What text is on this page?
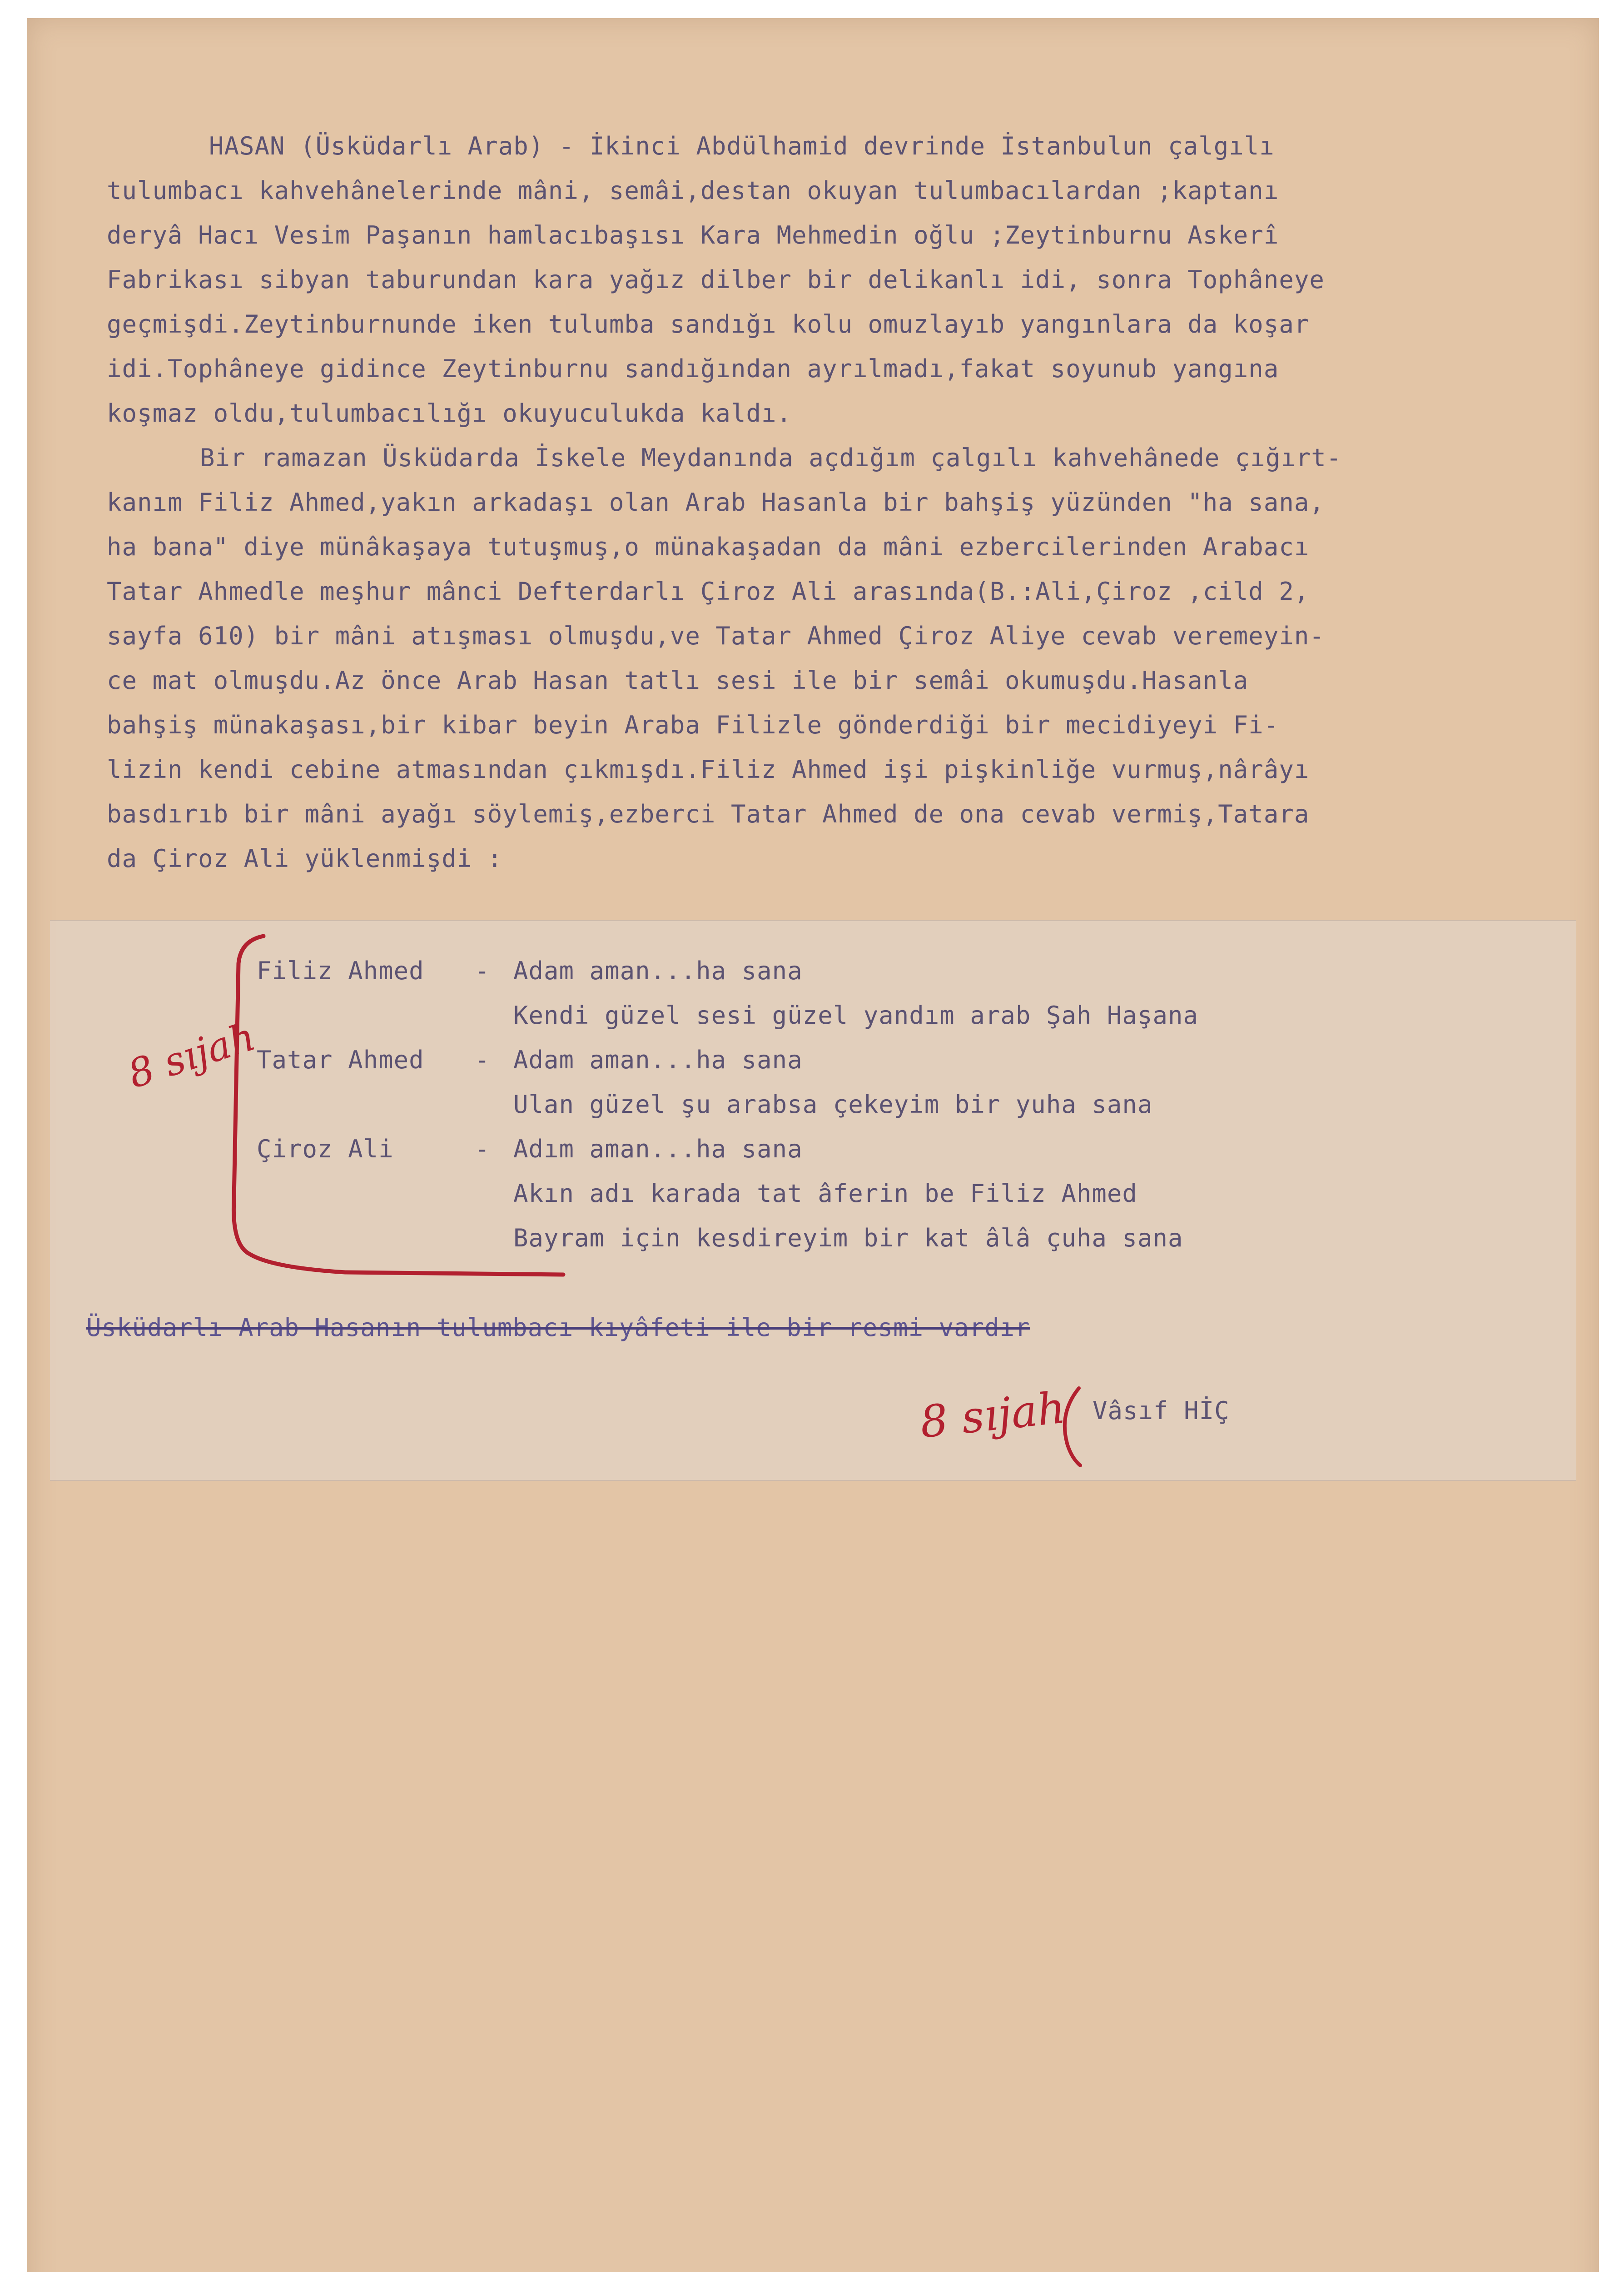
HASAN (Üsküdarlı Arab) - İkinci Abdülhamid devrinde İstanbulun çalgılı
tulumbacı kahvehânelerinde mâni, semâi,destan okuyan tulumbacılardan ;kaptanı
deryâ Hacı Vesim Paşanın hamlacıbaşısı Kara Mehmedin oğlu ;Zeytinburnu Askerî
Fabrikası sibyan taburundan kara yağız dilber bir delikanlı idi, sonra Tophâneye
geçmişdi.Zeytinburnunde iken tulumba sandığı kolu omuzlayıb yangınlara da koşar
idi.Tophâneye gidince Zeytinburnu sandığından ayrılmadı,fakat soyunub yangına
koşmaz oldu,tulumbacılığı okuyuculukda kaldı.
Bir ramazan Üsküdarda İskele Meydanında açdığım çalgılı kahvehânede çığırt-
kanım Filiz Ahmed,yakın arkadaşı olan Arab Hasanla bir bahşiş yüzünden "ha sana,
ha bana" diye münâkaşaya tutuşmuş,o münakaşadan da mâni ezbercilerinden Arabacı
Tatar Ahmedle meşhur mânci Defterdarlı Çiroz Ali arasında(B.:Ali,Çiroz ,cild 2,
sayfa 610) bir mâni atışması olmuşdu,ve Tatar Ahmed Çiroz Aliye cevab veremeyin-
ce mat olmuşdu.Az önce Arab Hasan tatlı sesi ile bir semâi okumuşdu.Hasanla
bahşiş münakaşası,bir kibar beyin Araba Filizle gönderdiği bir mecidiyeyi Fi-
lizin kendi cebine atmasından çıkmışdı.Filiz Ahmed işi pişkinliğe vurmuş,nârâyı
basdırıb bir mâni ayağı söylemiş,ezberci Tatar Ahmed de ona cevab vermiş,Tatara
da Çiroz Ali yüklenmişdi :
Filiz Ahmed - Adam aman...ha sana
Kendi güzel sesi güzel yandım arab Şah Haşana
Tatar Ahmed - Adam aman...ha sana
Ulan güzel şu arabsa çekeyim bir yuha sana
Çiroz Ali	- Adım aman...ha sana
Akın adı karada tat âferin be Filiz Ahmed
Bayram için kesdireyim bir kat âlâ çuha sana
Üsküdarlı Arab Hasanın tulumbacı kıyâfeti ile bir resmi vardır
Vâsıf HİÇ
8 sıjah
8 sıjah
